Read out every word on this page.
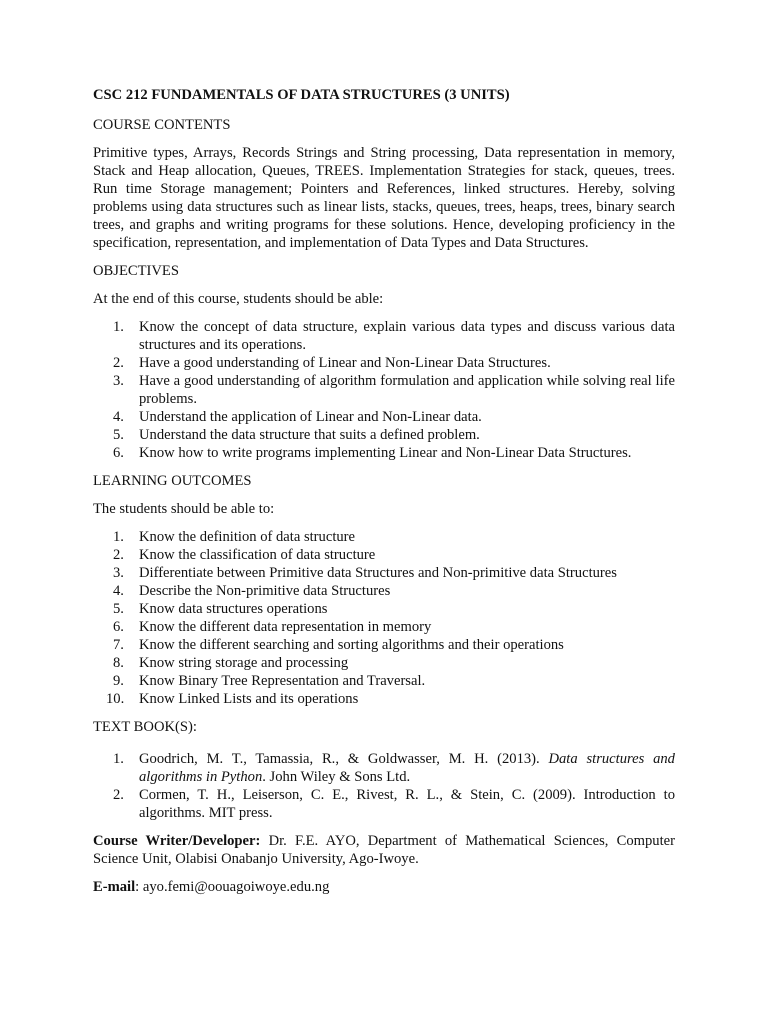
CSC 212 FUNDAMENTALS OF DATA STRUCTURES (3 UNITS)

COURSE CONTENTS

Primitive types, Arrays, Records Strings and String processing, Data representation in memory, Stack and Heap allocation, Queues, TREES. Implementation Strategies for stack, queues, trees. Run time Storage management; Pointers and References, linked structures. Hereby, solving problems using data structures such as linear lists, stacks, queues, trees, heaps, trees, binary search trees, and graphs and writing programs for these solutions. Hence, developing proficiency in the specification, representation, and implementation of Data Types and Data Structures.

OBJECTIVES

At the end of this course, students should be able:

1. Know the concept of data structure, explain various data types and discuss various data structures and its operations.
2. Have a good understanding of Linear and Non-Linear Data Structures.
3. Have a good understanding of algorithm formulation and application while solving real life problems.
4. Understand the application of Linear and Non-Linear data.
5. Understand the data structure that suits a defined problem.
6. Know how to write programs implementing Linear and Non-Linear Data Structures.

LEARNING OUTCOMES

The students should be able to:

1. Know the definition of data structure
2. Know the classification of data structure
3. Differentiate between Primitive data Structures and Non-primitive data Structures
4. Describe the Non-primitive data Structures
5. Know data structures operations
6. Know the different data representation in memory
7. Know the different searching and sorting algorithms and their operations
8. Know string storage and processing
9. Know Binary Tree Representation and Traversal.
10. Know Linked Lists and its operations

TEXT BOOK(S):

1. Goodrich, M. T., Tamassia, R., & Goldwasser, M. H. (2013). Data structures and algorithms in Python. John Wiley & Sons Ltd.
2. Cormen, T. H., Leiserson, C. E., Rivest, R. L., & Stein, C. (2009). Introduction to algorithms. MIT press.

Course Writer/Developer: Dr. F.E. AYO, Department of Mathematical Sciences, Computer Science Unit, Olabisi Onabanjo University, Ago-Iwoye.

E-mail: ayo.femi@oouagoiwoye.edu.ng
